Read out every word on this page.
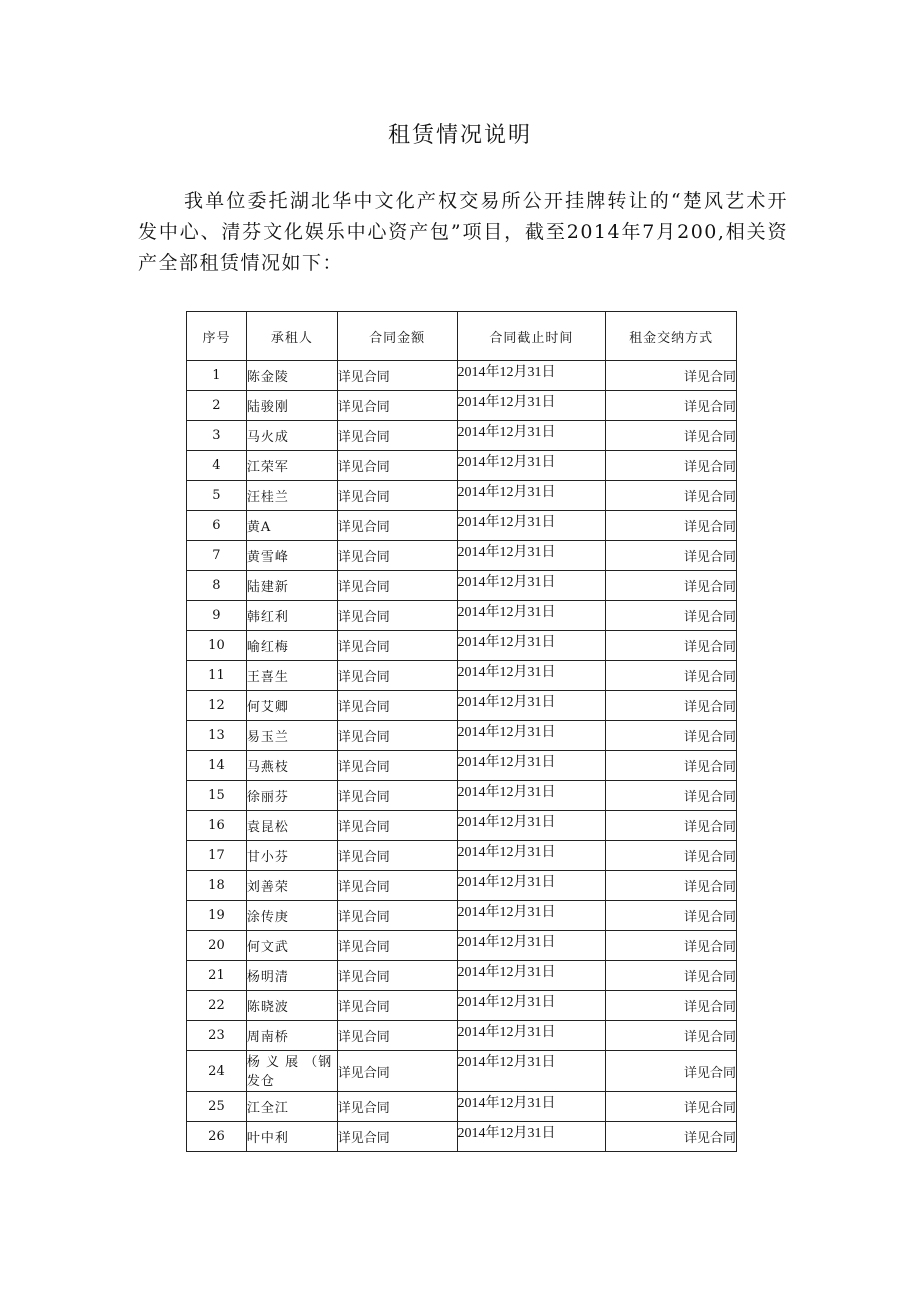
租赁情况说明
我单位委托湖北华中文化产权交易所公开挂牌转让的“楚风艺术开发中心、清芬文化娱乐中心资产包”项目，截至2014年7月200,相关资产全部租赁情况如下：
序号	承租人	合同金额	合同截止时间	租金交纳方式
1	陈金陵	详见合同	2014年12月31日	详见合同
2	陆骏刚	详见合同	2014年12月31日	详见合同
3	马火成	详见合同	2014年12月31日	详见合同
4	江荣军	详见合同	2014年12月31日	详见合同
5	汪桂兰	详见合同	2014年12月31日	详见合同
6	黄A	详见合同	2014年12月31日	详见合同
7	黄雪峰	详见合同	2014年12月31日	详见合同
8	陆建新	详见合同	2014年12月31日	详见合同
9	韩红利	详见合同	2014年12月31日	详见合同
10	喻红梅	详见合同	2014年12月31日	详见合同
11	王喜生	详见合同	2014年12月31日	详见合同
12	何艾卿	详见合同	2014年12月31日	详见合同
13	易玉兰	详见合同	2014年12月31日	详见合同
14	马燕枝	详见合同	2014年12月31日	详见合同
15	徐丽芬	详见合同	2014年12月31日	详见合同
16	袁昆松	详见合同	2014年12月31日	详见合同
17	甘小芬	详见合同	2014年12月31日	详见合同
18	刘善荣	详见合同	2014年12月31日	详见合同
19	涂传庚	详见合同	2014年12月31日	详见合同
20	何文武	详见合同	2014年12月31日	详见合同
21	杨明清	详见合同	2014年12月31日	详见合同
22	陈晓波	详见合同	2014年12月31日	详见合同
23	周南桥	详见合同	2014年12月31日	详见合同
24	杨 义 展 （钢发仓	详见合同	2014年12月31日	详见合同
25	江全江	详见合同	2014年12月31日	详见合同
26	叶中利	详见合同	2014年12月31日	详见合同
